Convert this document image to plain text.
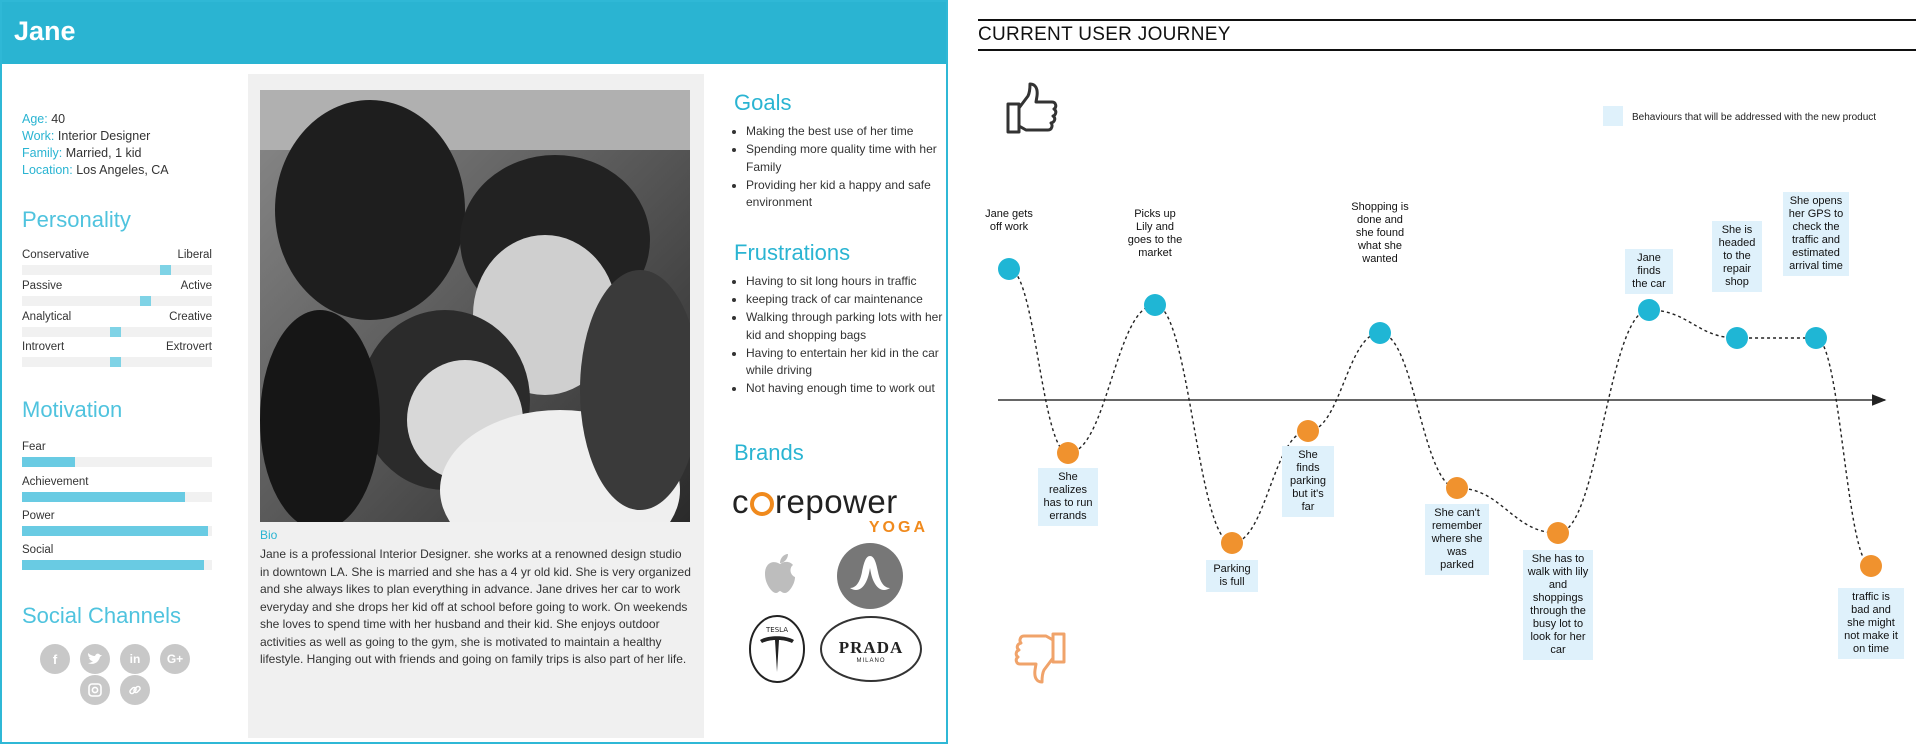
Jane
Age: 40
Work: Interior Designer
Family: Married, 1 kid
Location: Los Angeles, CA
Personality
Conservative	Liberal
Passive	Active
Analytical	Creative
Introvert	Extrovert
Motivation
Fear
Achievement
Power
Social
Social Channels
f	in	G+
Bio
Jane is a professional Interior Designer. she works at a renowned design studio in downtown LA. She is married and she has a 4 yr old kid. She is very organized and she always likes to plan everything in advance. Jane drives her car to work everyday and she drops her kid off at school before going to work. On weekends she loves to spend time with her husband and their kid. She enjoys outdoor activities as well as going to the gym, she is motivated to maintain a healthy lifestyle. Hanging out with friends and going on family trips is also part of her life.
Goals
• Making the best use of her time
• Spending more quality time with her Family
• Providing her kid a happy and safe environment
Frustrations
• Having to sit long hours in traffic
• keeping track of car maintenance
• Walking through parking lots with her kid and shopping bags
• Having to entertain her kid in the car while driving
• Not having enough time to work out
Brands
c repower
YOGA
TESLA
PRADA
MILANO
CURRENT USER JOURNEY
Behaviours that will be addressed with the new product
Jane gets off work
She realizes has to run errands
Picks up Lily and goes to the market
Parking is full
She finds parking but it's far
Shopping is done and she found what she wanted
She can't remember where she was parked	She has to walk with lily and shoppings through the busy lot to look for her car
Jane finds the car
She is headed to the repair shop
She opens her GPS to check the traffic and estimated arrival time
traffic is bad and she might not make it on time
